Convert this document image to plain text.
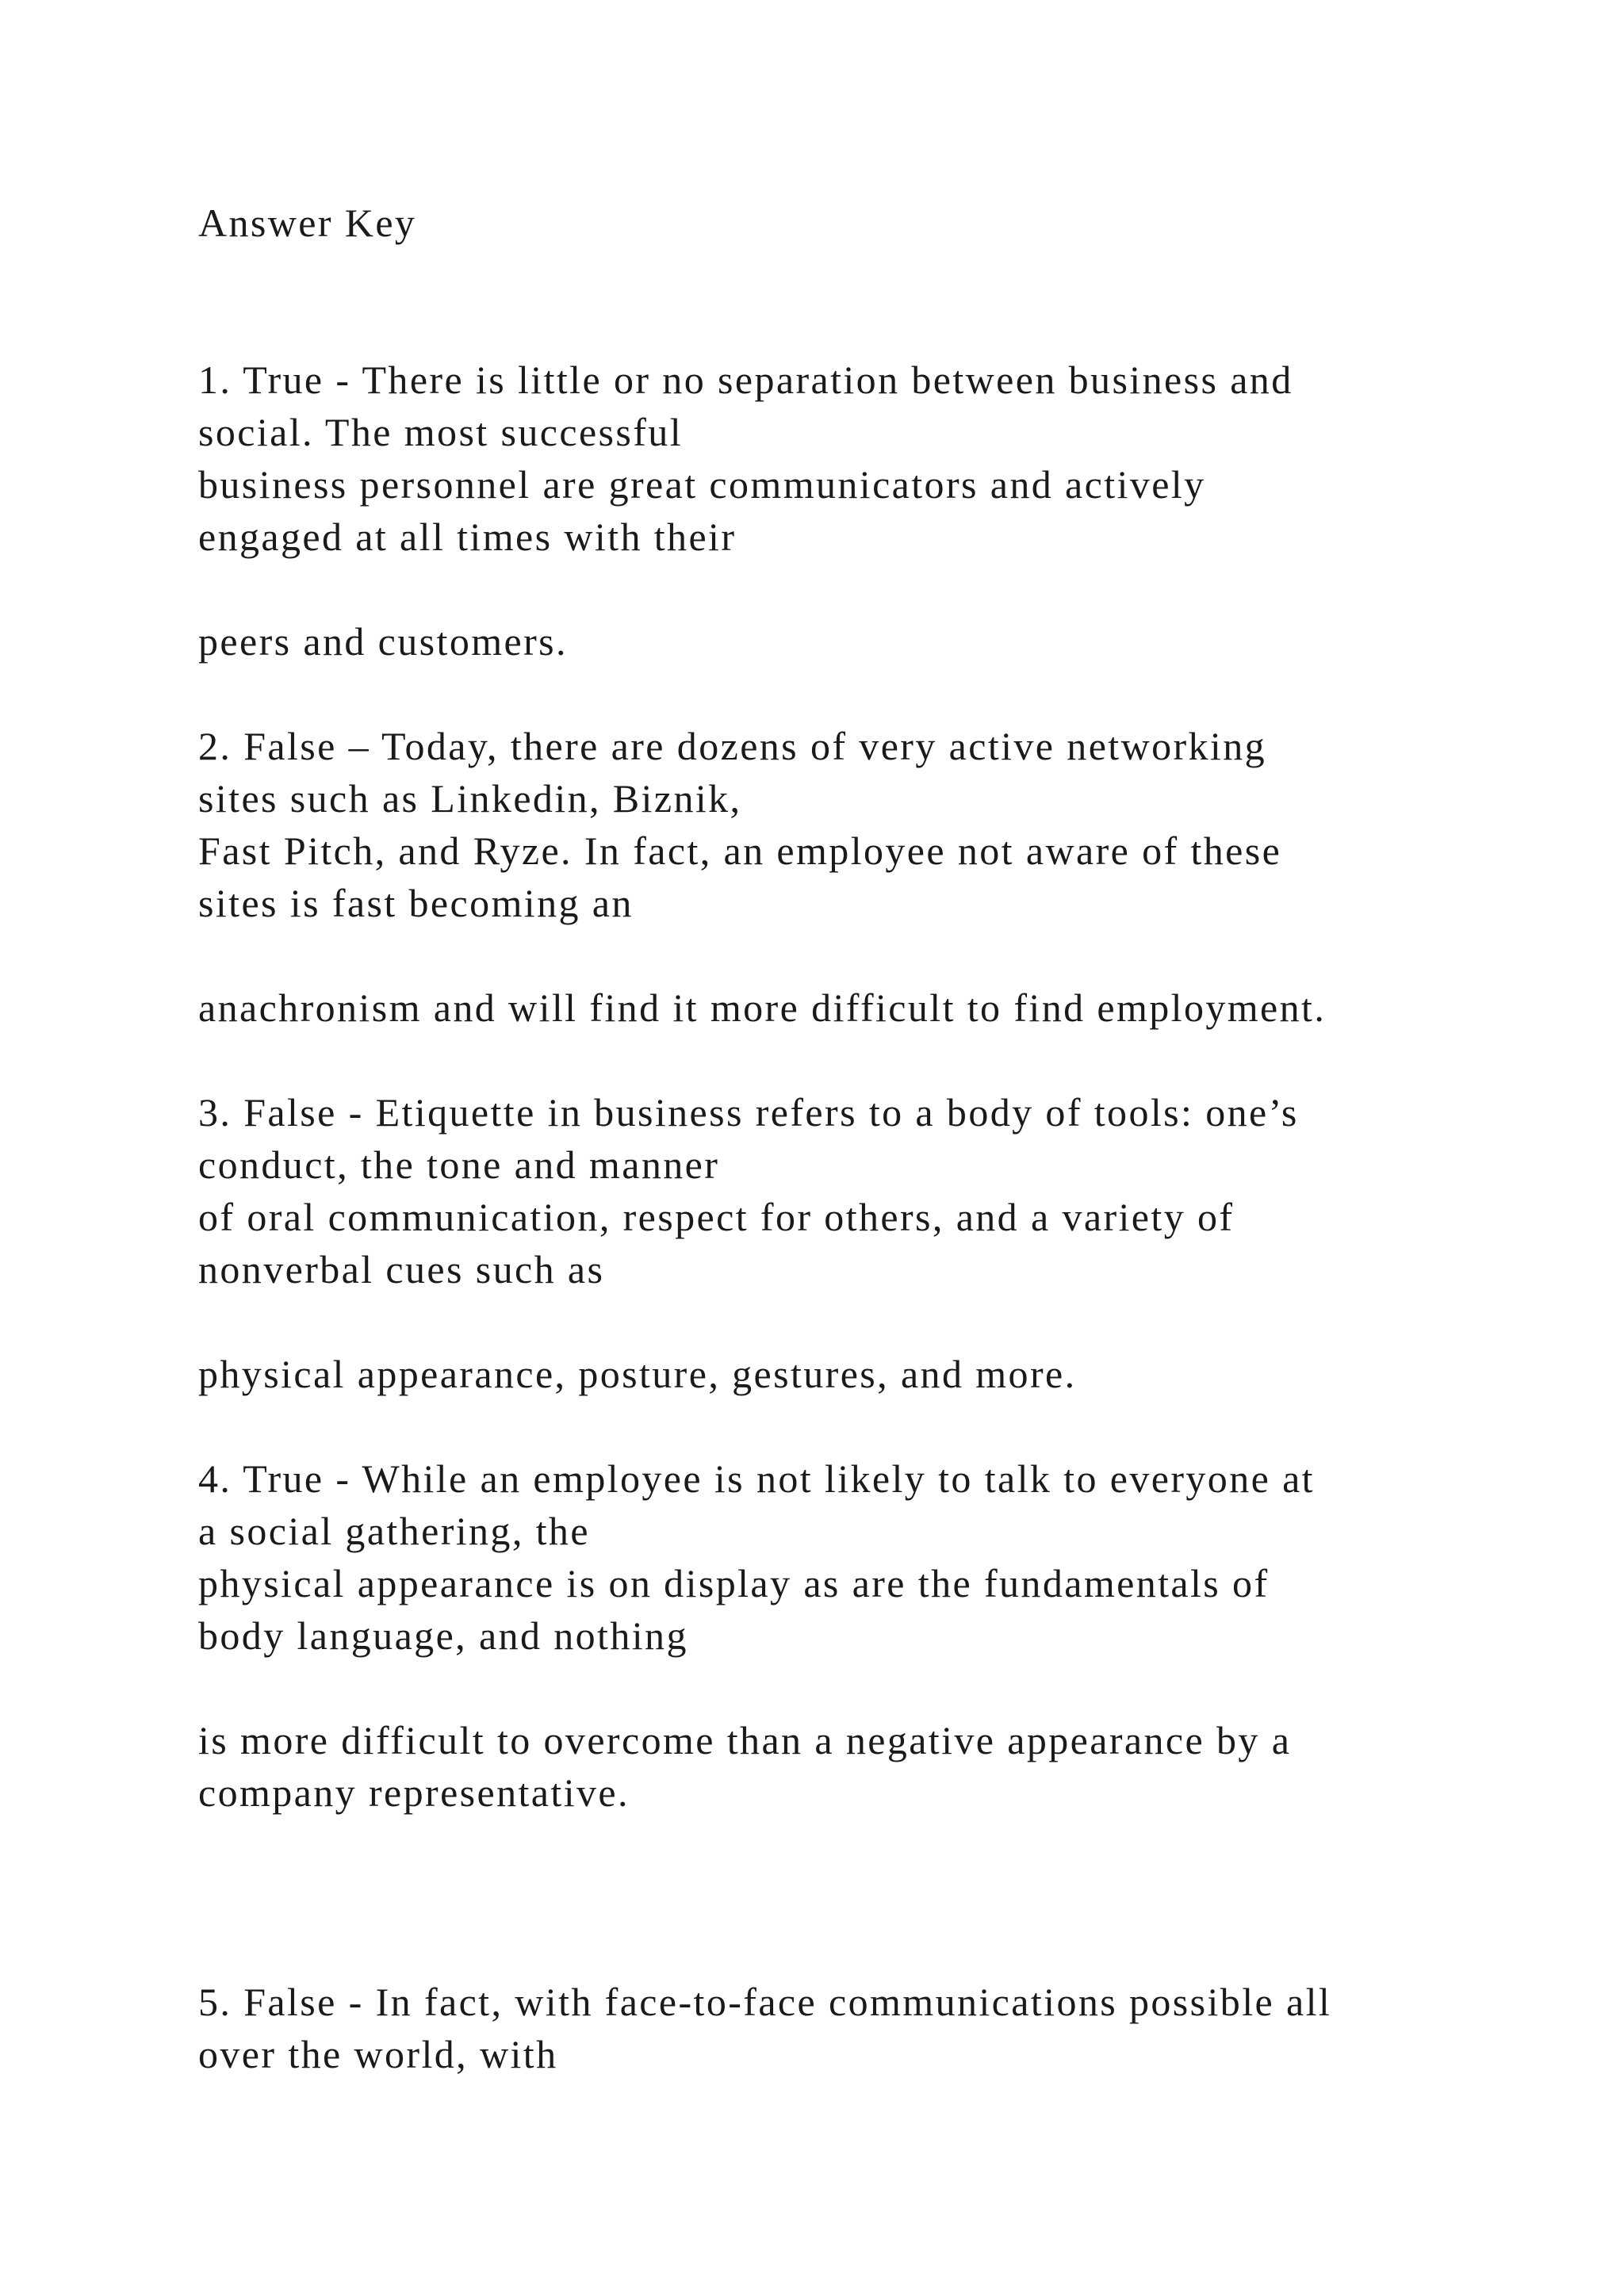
Answer Key
1. True - There is little or no separation between business and
social. The most successful
business personnel are great communicators and actively
engaged at all times with their
peers and customers.
2. False – Today, there are dozens of very active networking
sites such as Linkedin, Biznik,
Fast Pitch, and Ryze. In fact, an employee not aware of these
sites is fast becoming an
anachronism and will find it more difficult to find employment.
3. False - Etiquette in business refers to a body of tools: one’s
conduct, the tone and manner
of oral communication, respect for others, and a variety of
nonverbal cues such as
physical appearance, posture, gestures, and more.
4. True - While an employee is not likely to talk to everyone at
a social gathering, the
physical appearance is on display as are the fundamentals of
body language, and nothing
is more difficult to overcome than a negative appearance by a
company representative.
5. False - In fact, with face-to-face communications possible all
over the world, with
